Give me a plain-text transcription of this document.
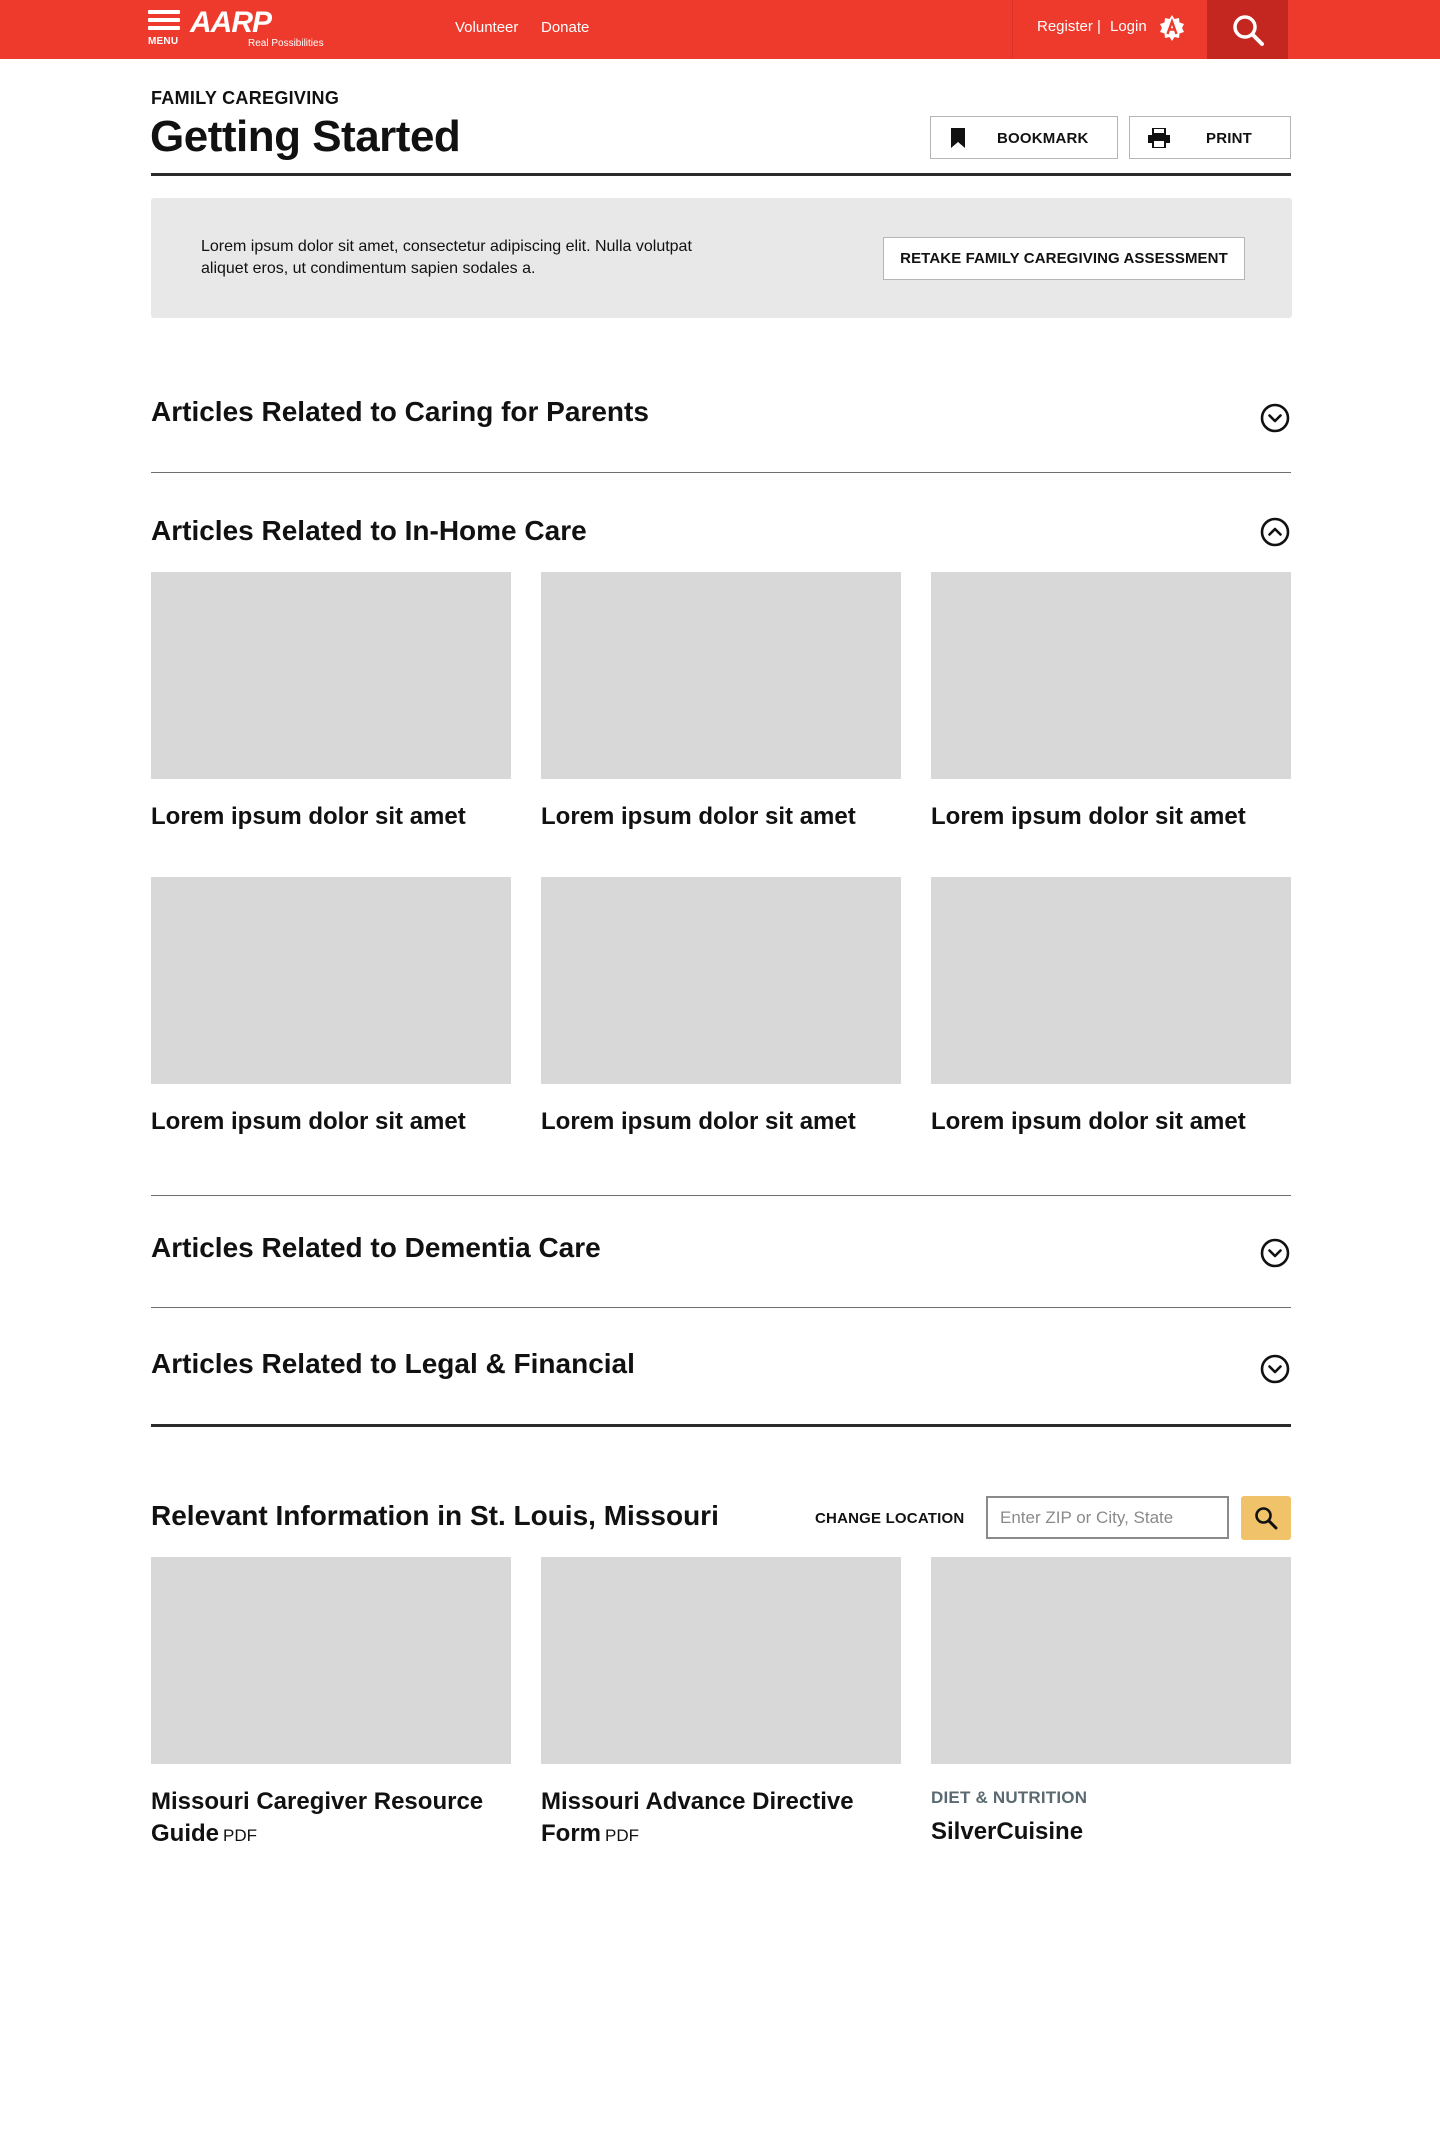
MENU
AARP
Real Possibilities
Volunteer Donate	Register | Login
FAMILY CAREGIVING
Getting Started	BOOKMARK	PRINT

Lorem ipsum dolor sit amet, consectetur adipiscing elit. Nulla volutpat aliquet eros, ut condimentum sapien sodales a.

RETAKE FAMILY CAREGIVING ASSESSMENT
Articles Related to Caring for Parents
Articles Related to In-Home Care
Lorem ipsum dolor sit amet	Lorem ipsum dolor sit amet	Lorem ipsum dolor sit amet
Lorem ipsum dolor sit amet	Lorem ipsum dolor sit amet	Lorem ipsum dolor sit amet
Articles Related to Dementia Care
Articles Related to Legal & Financial
Relevant Information in St. Louis, Missouri	CHANGE LOCATION
Enter ZIP or City, State
Missouri Caregiver Resource
Guide PDF
Missouri Advance Directive
Form PDF
DIET & NUTRITION
SilverCuisine
